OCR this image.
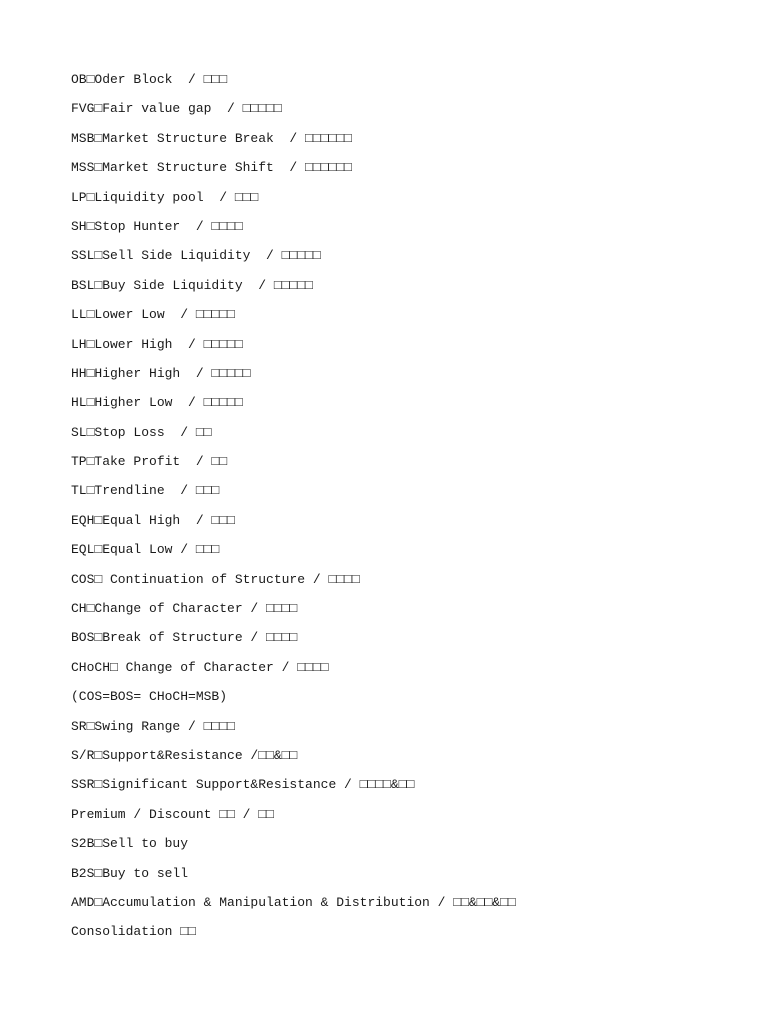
OB□Oder Block  / □□□
FVG□Fair value gap  / □□□□□
MSB□Market Structure Break  / □□□□□□
MSS□Market Structure Shift  / □□□□□□
LP□Liquidity pool  / □□□
SH□Stop Hunter  / □□□□
SSL□Sell Side Liquidity  / □□□□□
BSL□Buy Side Liquidity  / □□□□□
LL□Lower Low  / □□□□□
LH□Lower High  / □□□□□
HH□Higher High  / □□□□□
HL□Higher Low  / □□□□□
SL□Stop Loss  / □□
TP□Take Profit  / □□
TL□Trendline  / □□□
EQH□Equal High  / □□□
EQL□Equal Low / □□□
COS□ Continuation of Structure / □□□□
CH□Change of Character / □□□□
BOS□Break of Structure / □□□□
CHoCH□ Change of Character / □□□□
(COS=BOS= CHoCH=MSB)
SR□Swing Range / □□□□
S/R□Support&Resistance /□□&□□
SSR□Significant Support&Resistance / □□□□&□□
Premium / Discount □□ / □□
S2B□Sell to buy
B2S□Buy to sell
AMD□Accumulation & Manipulation & Distribution / □□&□□&□□
Consolidation □□
